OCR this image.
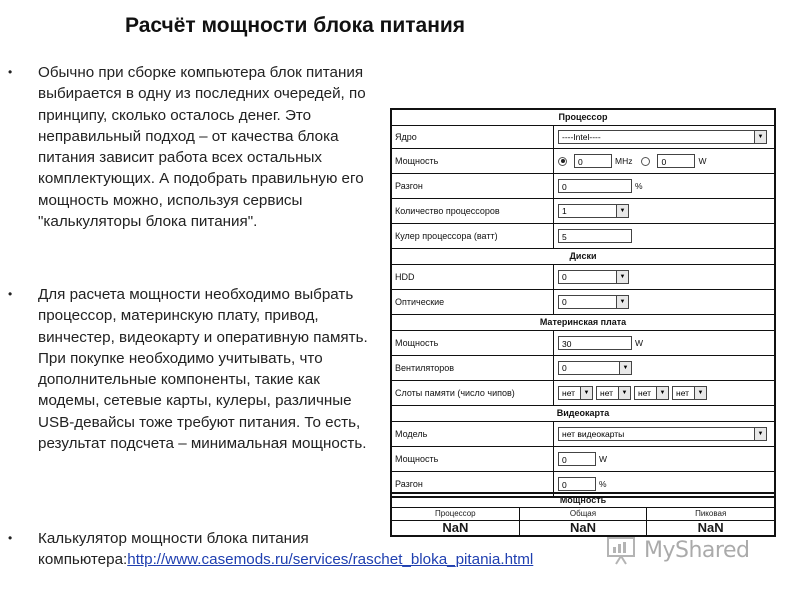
Расчёт мощности блока питания
• Обычно при сборке компьютера блок питания выбирается в одну из последних очередей, по принципу, сколько осталось денег. Это неправильный подход – от качества блока питания зависит работа всех остальных комплектующих. А подобрать правильную его мощность можно, используя сервисы "калькуляторы блока питания".
• Для расчета мощности необходимо выбрать процессор, материнскую плату, привод, винчестер, видеокарту и оперативную память. При покупке необходимо учитывать, что дополнительные компоненты, такие как модемы, сетевые карты, кулеры, различные USB-девайсы тоже требуют питания. То есть, результат подсчета – минимальная мощность.
• Калькулятор мощности блока питания компьютера:http://www.casemods.ru/services/raschet_bloka_pitania.html
Процессор
Ядро	----Intel----	▼
Мощность	0	MHz	0	W
Разгон	0	%
Количество процессоров	1	▼
Кулер процессора (ватт)	5
Диски
HDD	0	▼
Оптические	0	▼
Материнская плата
Мощность	30	W
Вентиляторов	0	▼
Слоты памяти (число чипов)	нет	▼	нет	▼	нет	▼	нет	▼
Видеокарта
Модель	нет видеокарты	▼
Мощность	0	W
Разгон	0	%
Мощность
Процессор	Общая	Пиковая
NaN	NaN	NaN
MyShared
